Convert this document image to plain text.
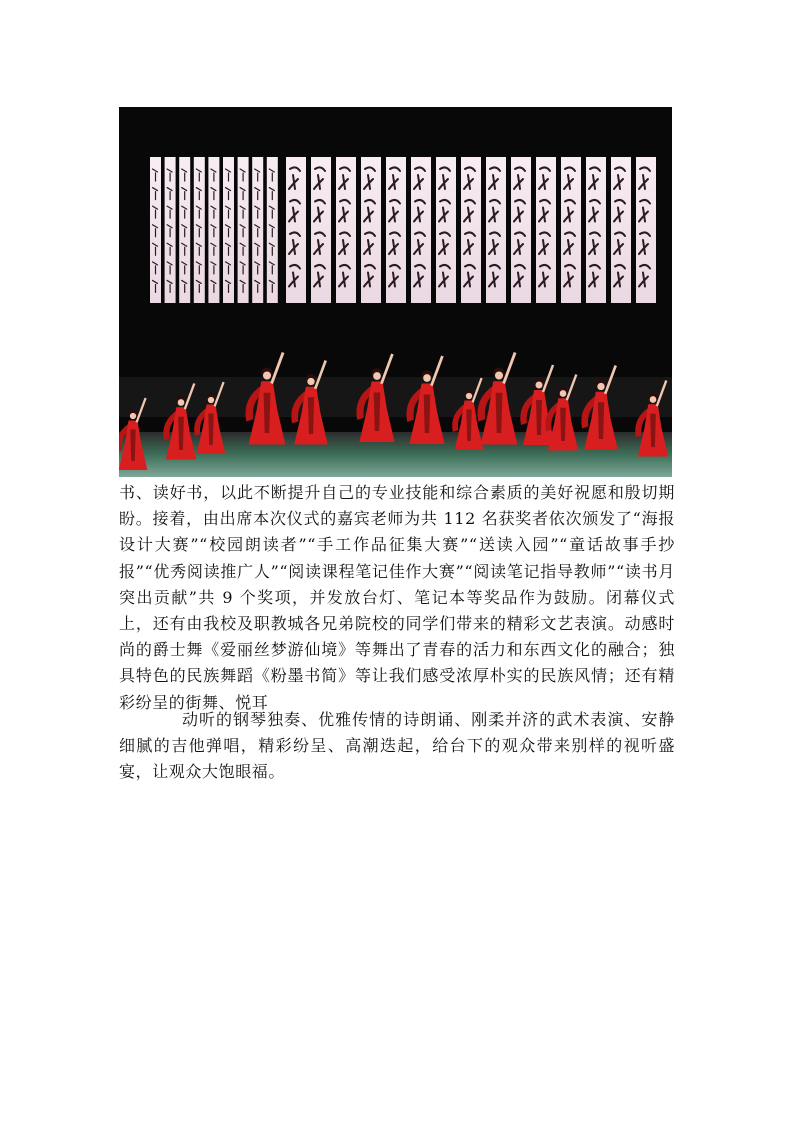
书、读好书，以此不断提升自己的专业技能和综合素质的美好祝愿和殷切期盼。接着，由出席本次仪式的嘉宾老师为共 112 名获奖者依次颁发了“海报设计大赛”“校园朗读者”“手工作品征集大赛”“送读入园”“童话故事手抄报”“优秀阅读推广人”“阅读课程笔记佳作大赛”“阅读笔记指导教师”“读书月突出贡献”共 9 个奖项，并发放台灯、笔记本等奖品作为鼓励。闭幕仪式上，还有由我校及职教城各兄弟院校的同学们带来的精彩文艺表演。动感时尚的爵士舞《爱丽丝梦游仙境》等舞出了青春的活力和东西文化的融合；独具特色的民族舞蹈《粉墨书简》等让我们感受浓厚朴实的民族风情；还有精彩纷呈的街舞、悦耳
动听的钢琴独奏、优雅传情的诗朗诵、刚柔并济的武术表演、安静细腻的吉他弹唱，精彩纷呈、高潮迭起，给台下的观众带来别样的视听盛宴，让观众大饱眼福。
